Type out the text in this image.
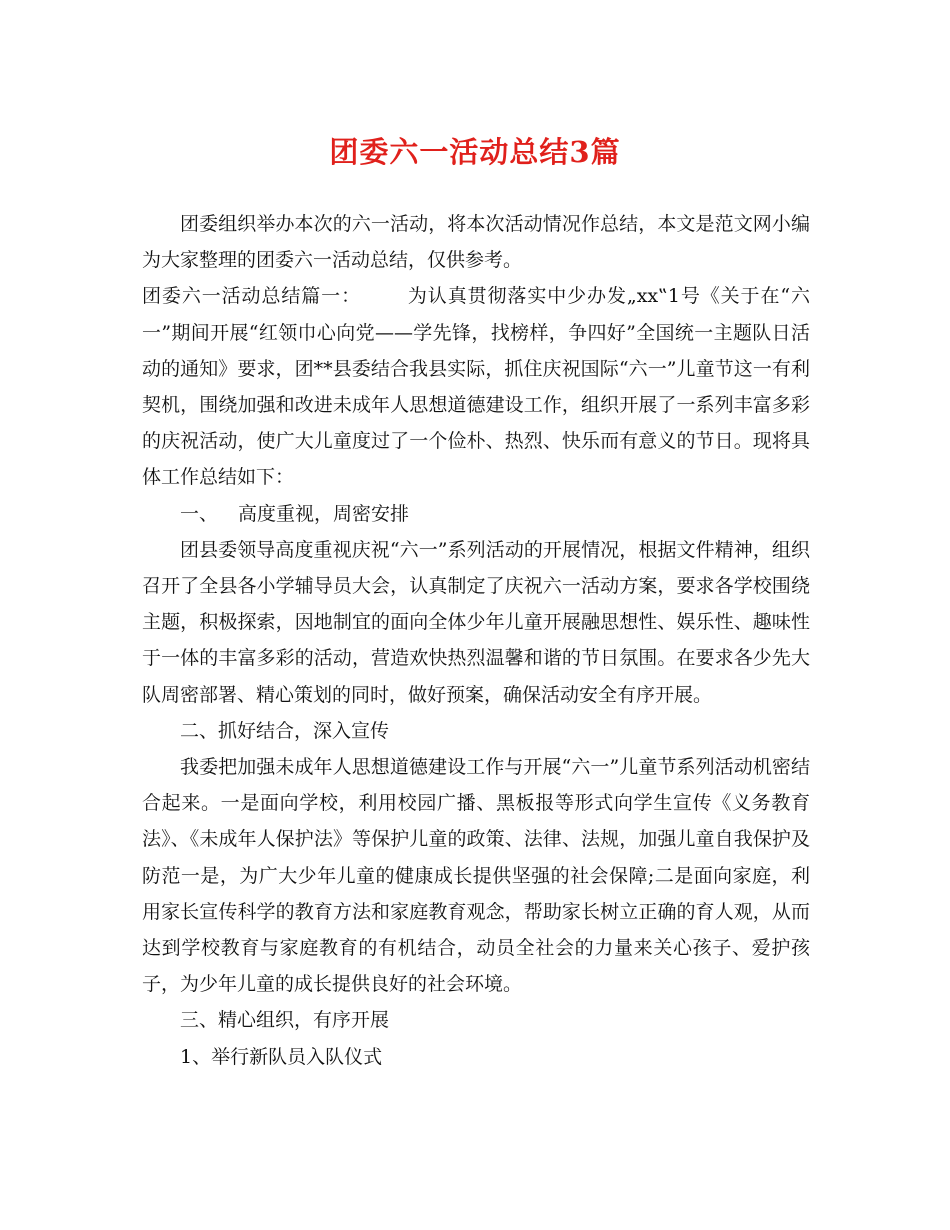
团委六一活动总结3篇

团委组织举办本次的六一活动，将本次活动情况作总结，本文是范文网小编为大家整理的团委六一活动总结，仅供参考。

团委六一活动总结篇一： 为认真贯彻落实中少办发„xx‟1号《关于在“六一”期间开展“红领巾心向党——学先锋，找榜样，争四好”全国统一主题队日活动的通知》要求，团**县委结合我县实际，抓住庆祝国际“六一”儿童节这一有利契机，围绕加强和改进未成年人思想道德建设工作，组织开展了一系列丰富多彩的庆祝活动，使广大儿童度过了一个俭朴、热烈、快乐而有意义的节日。现将具体工作总结如下：

一、 高度重视，周密安排

团县委领导高度重视庆祝“六一”系列活动的开展情况，根据文件精神，组织召开了全县各小学辅导员大会，认真制定了庆祝六一活动方案，要求各学校围绕主题，积极探索，因地制宜的面向全体少年儿童开展融思想性、娱乐性、趣味性于一体的丰富多彩的活动，营造欢快热烈温馨和谐的节日氛围。在要求各少先大队周密部署、精心策划的同时，做好预案，确保活动安全有序开展。

二、抓好结合，深入宣传

我委把加强未成年人思想道德建设工作与开展“六一”儿童节系列活动机密结合起来。一是面向学校，利用校园广播、黑板报等形式向学生宣传《义务教育法》、《未成年人保护法》等保护儿童的政策、法律、法规，加强儿童自我保护及防范一是，为广大少年儿童的健康成长提供坚强的社会保障;二是面向家庭，利用家长宣传科学的教育方法和家庭教育观念，帮助家长树立正确的育人观，从而达到学校教育与家庭教育的有机结合，动员全社会的力量来关心孩子、爱护孩子，为少年儿童的成长提供良好的社会环境。

三、精心组织，有序开展

1、举行新队员入队仪式
